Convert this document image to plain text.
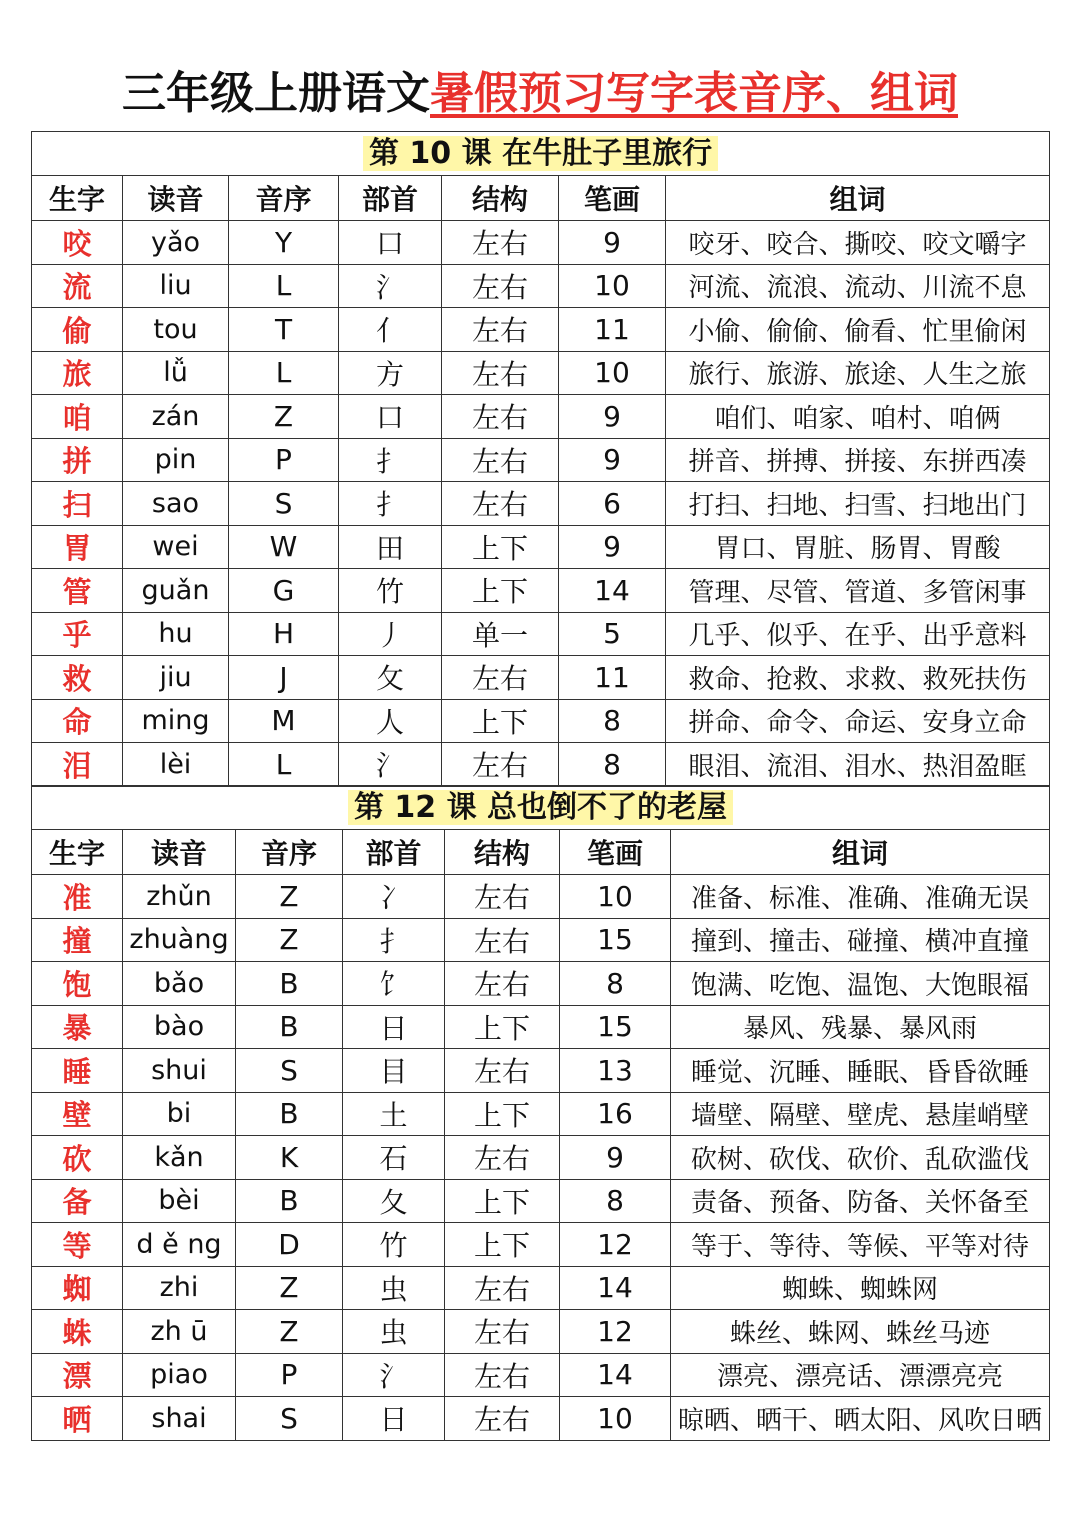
三年级上册语文暑假预习写字表音序、组词
第 10 课 在牛肚子里旅行						
生字	读音	音序	部首	结构	笔画	组词
咬	yǎo	Y	口	左右	9	咬牙、咬合、撕咬、咬文嚼字
流	liu	L	氵	左右	10	河流、流浪、流动、川流不息
偷	tou	T	亻	左右	11	小偷、偷偷、偷看、忙里偷闲
旅	lǚ	L	方	左右	10	旅行、旅游、旅途、人生之旅
咱	zán	Z	口	左右	9	咱们、咱家、咱村、咱俩
拼	pin	P	扌	左右	9	拼音、拼搏、拼接、东拼西凑
扫	sao	S	扌	左右	6	打扫、扫地、扫雪、扫地出门
胃	wei	W	田	上下	9	胃口、胃脏、肠胃、胃酸
管	guǎn	G	竹	上下	14	管理、尽管、管道、多管闲事
乎	hu	H	丿	单一	5	几乎、似乎、在乎、出乎意料
救	jiu	J	攵	左右	11	救命、抢救、求救、救死扶伤
命	ming	M	人	上下	8	拼命、命令、命运、安身立命
泪	lèi	L	氵	左右	8	眼泪、流泪、泪水、热泪盈眶
第 12 课 总也倒不了的老屋						
生字	读音	音序	部首	结构	笔画	组词
准	zhǔn	Z	冫	左右	10	准备、标准、准确、准确无误
撞	zhuàng	Z	扌	左右	15	撞到、撞击、碰撞、横冲直撞
饱	bǎo	B	饣	左右	8	饱满、吃饱、温饱、大饱眼福
暴	bào	B	日	上下	15	暴风、残暴、暴风雨
睡	shui	S	目	左右	13	睡觉、沉睡、睡眠、昏昏欲睡
壁	bi	B	土	上下	16	墙壁、隔壁、壁虎、悬崖峭壁
砍	kǎn	K	石	左右	9	砍树、砍伐、砍价、乱砍滥伐
备	bèi	B	夂	上下	8	责备、预备、防备、关怀备至
等	d ě ng	D	竹	上下	12	等于、等待、等候、平等对待
蜘	zhi	Z	虫	左右	14	蜘蛛、蜘蛛网
蛛	zh ū	Z	虫	左右	12	蛛丝、蛛网、蛛丝马迹
漂	piao	P	氵	左右	14	漂亮、漂亮话、漂漂亮亮
晒	shai	S	日	左右	10	晾晒、晒干、晒太阳、风吹日晒
